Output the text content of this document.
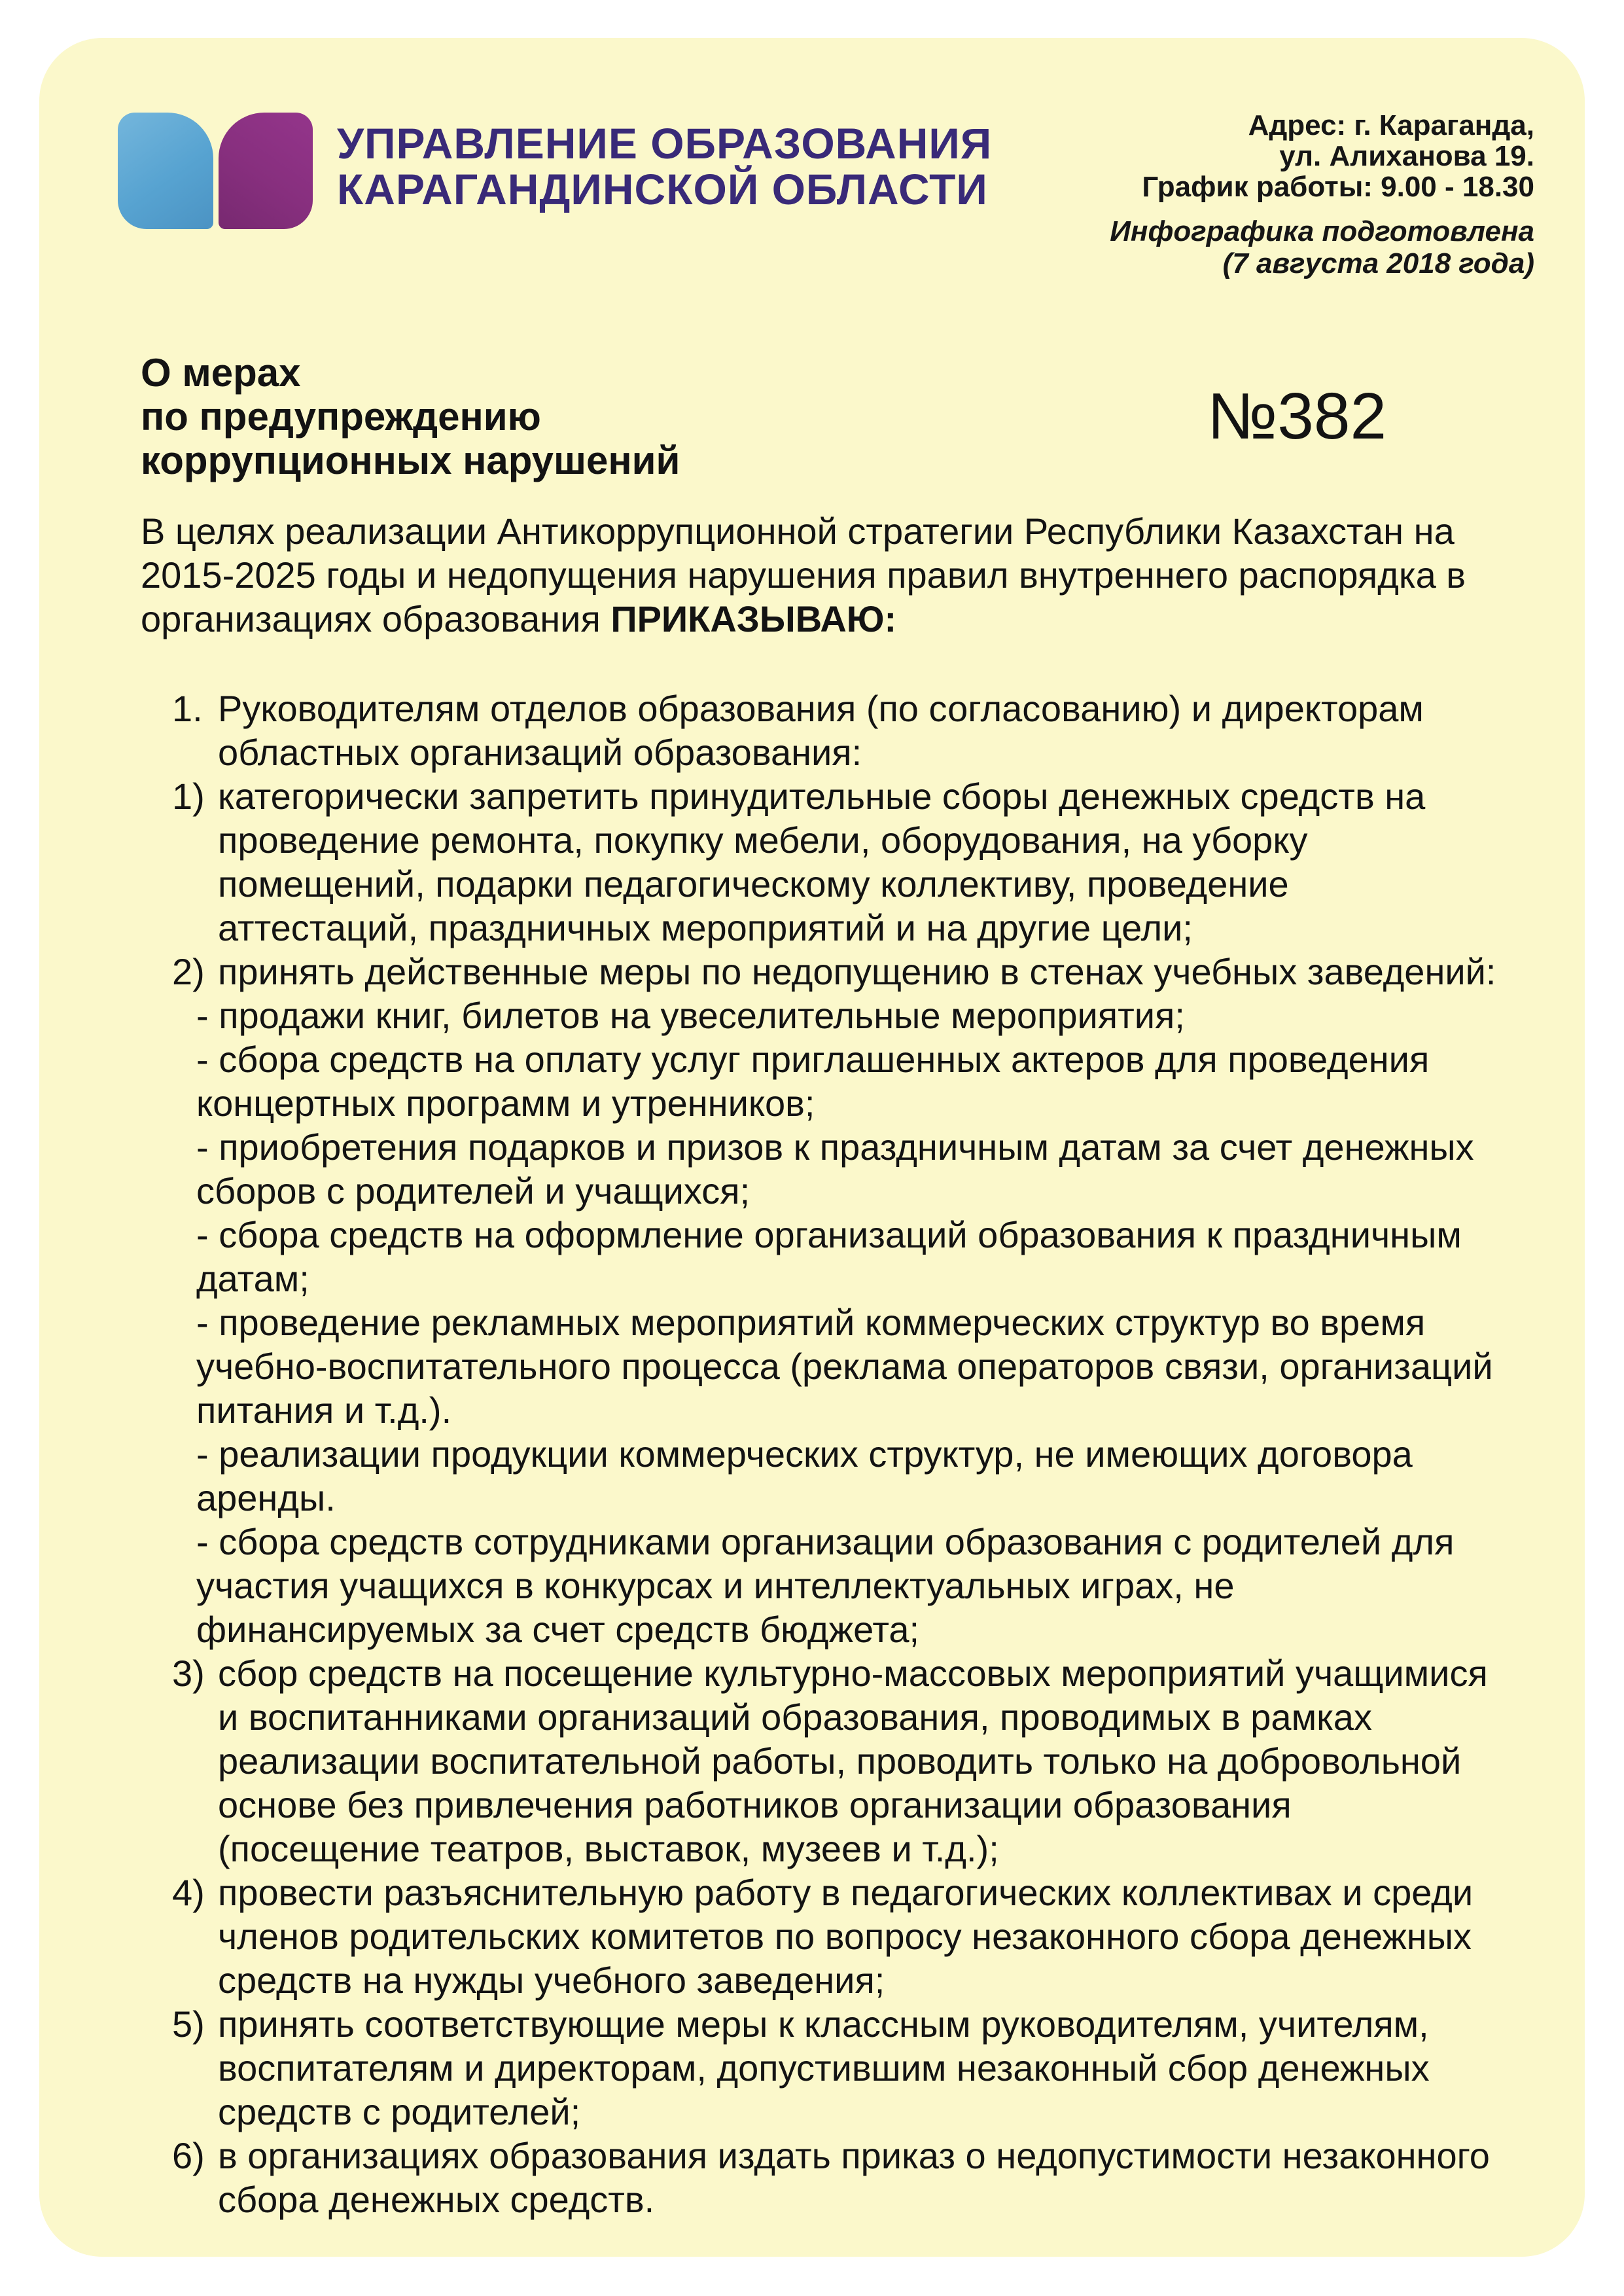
УПРАВЛЕНИЕ ОБРАЗОВАНИЯ
КАРАГАНДИНСКОЙ ОБЛАСТИ
Адрес: г. Караганда,
ул. Алиханова 19.
График работы: 9.00 - 18.30
Инфографика подготовлена
(7 августа 2018 года)
О мерах
по предупреждению
коррупционных нарушений
№382

В целях реализации Антикоррупционной стратегии Республики Казахстан на 2015-2025 годы и недопущения нарушения правил внутреннего распорядка в организациях образования ПРИКАЗЫВАЮ:

1. Руководителям отделов образования (по согласованию) и директорам областных организаций образования:
1) категорически запретить принудительные сборы денежных средств на проведение ремонта, покупку мебели, оборудования, на уборку помещений, подарки педагогическому коллективу, проведение аттестаций, праздничных мероприятий и на другие цели;
2) принять действенные меры по недопущению в стенах учебных заведений:
- продажи книг, билетов на увеселительные мероприятия;
- сбора средств на оплату услуг приглашенных актеров для проведения концертных программ и утренников;
- приобретения подарков и призов к праздничным датам за счет денежных сборов с родителей и учащихся;
- сбора средств на оформление организаций образования к праздничным датам;
- проведение рекламных мероприятий коммерческих структур во время учебно-воспитательного процесса (реклама операторов связи, организаций питания и т.д.).
- реализации продукции коммерческих структур, не имеющих договора аренды.
- сбора средств сотрудниками организации образования с родителей для участия учащихся в конкурсах и интеллектуальных играх, не финансируемых за счет средств бюджета;
3) сбор средств на посещение культурно-массовых мероприятий учащимися и воспитанниками организаций образования, проводимых в рамках реализации воспитательной работы, проводить только на добровольной основе без привлечения работников организации образования (посещение театров, выставок, музеев и т.д.);
4) провести разъяснительную работу в педагогических коллективах и среди членов родительских комитетов по вопросу незаконного сбора денежных средств на нужды учебного заведения;
5) принять соответствующие меры к классным руководителям, учителям, воспитателям и директорам, допустившим незаконный сбор денежных средств с родителей;
6) в организациях образования издать приказ о недопустимости незаконного сбора денежных средств.
